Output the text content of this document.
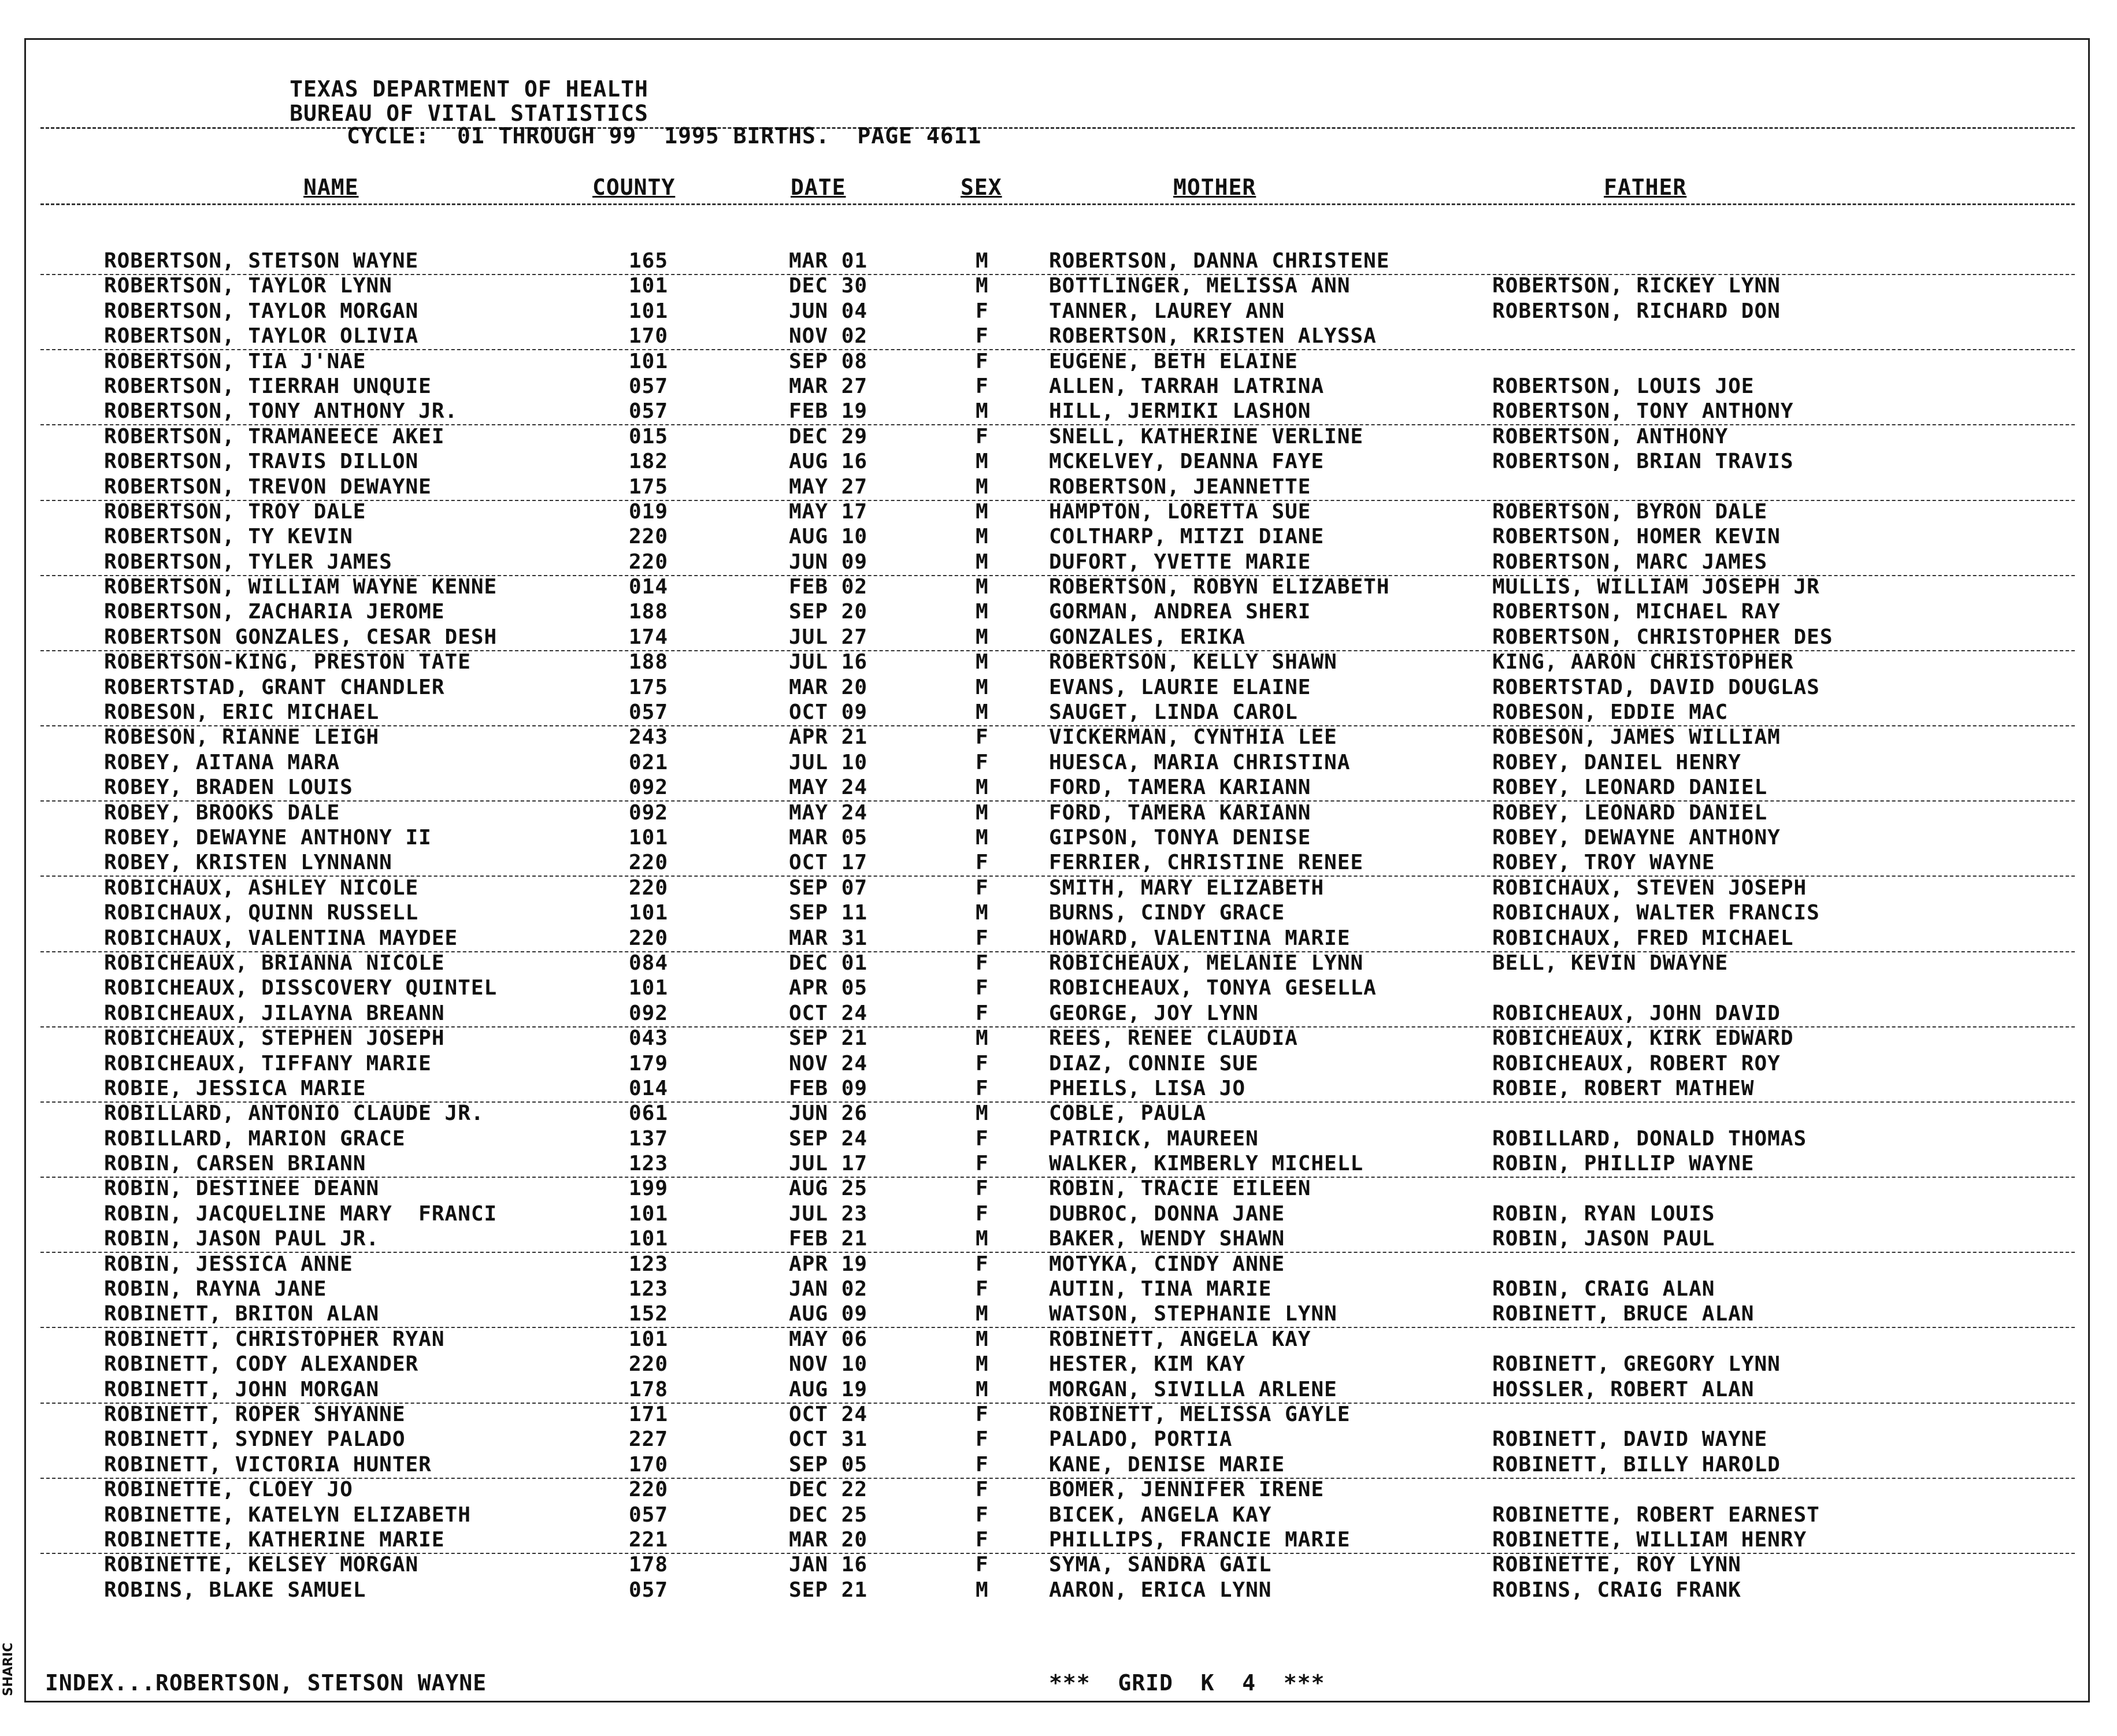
TEXAS DEPARTMENT OF HEALTH
BUREAU OF VITAL STATISTICS
CYCLE:  01 THROUGH 99  1995 BIRTHS.  PAGE 4611
NAME	COUNTY	DATE	SEX	MOTHER	FATHER
ROBERTSON, STETSON WAYNE	165	MAR 01	M	ROBERTSON, DANNA CHRISTENE
ROBERTSON, TAYLOR LYNN	101	DEC 30	M	BOTTLINGER, MELISSA ANN	ROBERTSON, RICKEY LYNN
ROBERTSON, TAYLOR MORGAN	101	JUN 04	F	TANNER, LAUREY ANN	ROBERTSON, RICHARD DON
ROBERTSON, TAYLOR OLIVIA	170	NOV 02	F	ROBERTSON, KRISTEN ALYSSA
ROBERTSON, TIA J'NAE	101	SEP 08	F	EUGENE, BETH ELAINE
ROBERTSON, TIERRAH UNQUIE	057	MAR 27	F	ALLEN, TARRAH LATRINA	ROBERTSON, LOUIS JOE
ROBERTSON, TONY ANTHONY JR.	057	FEB 19	M	HILL, JERMIKI LASHON	ROBERTSON, TONY ANTHONY
ROBERTSON, TRAMANEECE AKEI	015	DEC 29	F	SNELL, KATHERINE VERLINE	ROBERTSON, ANTHONY
ROBERTSON, TRAVIS DILLON	182	AUG 16	M	MCKELVEY, DEANNA FAYE	ROBERTSON, BRIAN TRAVIS
ROBERTSON, TREVON DEWAYNE	175	MAY 27	M	ROBERTSON, JEANNETTE
ROBERTSON, TROY DALE	019	MAY 17	M	HAMPTON, LORETTA SUE	ROBERTSON, BYRON DALE
ROBERTSON, TY KEVIN	220	AUG 10	M	COLTHARP, MITZI DIANE	ROBERTSON, HOMER KEVIN
ROBERTSON, TYLER JAMES	220	JUN 09	M	DUFORT, YVETTE MARIE	ROBERTSON, MARC JAMES
ROBERTSON, WILLIAM WAYNE KENNE	014	FEB 02	M	ROBERTSON, ROBYN ELIZABETH	MULLIS, WILLIAM JOSEPH JR
ROBERTSON, ZACHARIA JEROME	188	SEP 20	M	GORMAN, ANDREA SHERI	ROBERTSON, MICHAEL RAY
ROBERTSON GONZALES, CESAR DESH	174	JUL 27	M	GONZALES, ERIKA	ROBERTSON, CHRISTOPHER DES
ROBERTSON-KING, PRESTON TATE	188	JUL 16	M	ROBERTSON, KELLY SHAWN	KING, AARON CHRISTOPHER
ROBERTSTAD, GRANT CHANDLER	175	MAR 20	M	EVANS, LAURIE ELAINE	ROBERTSTAD, DAVID DOUGLAS
ROBESON, ERIC MICHAEL	057	OCT 09	M	SAUGET, LINDA CAROL	ROBESON, EDDIE MAC
ROBESON, RIANNE LEIGH	243	APR 21	F	VICKERMAN, CYNTHIA LEE	ROBESON, JAMES WILLIAM
ROBEY, AITANA MARA	021	JUL 10	F	HUESCA, MARIA CHRISTINA	ROBEY, DANIEL HENRY
ROBEY, BRADEN LOUIS	092	MAY 24	M	FORD, TAMERA KARIANN	ROBEY, LEONARD DANIEL
ROBEY, BROOKS DALE	092	MAY 24	M	FORD, TAMERA KARIANN	ROBEY, LEONARD DANIEL
ROBEY, DEWAYNE ANTHONY II	101	MAR 05	M	GIPSON, TONYA DENISE	ROBEY, DEWAYNE ANTHONY
ROBEY, KRISTEN LYNNANN	220	OCT 17	F	FERRIER, CHRISTINE RENEE	ROBEY, TROY WAYNE
ROBICHAUX, ASHLEY NICOLE	220	SEP 07	F	SMITH, MARY ELIZABETH	ROBICHAUX, STEVEN JOSEPH
ROBICHAUX, QUINN RUSSELL	101	SEP 11	M	BURNS, CINDY GRACE	ROBICHAUX, WALTER FRANCIS
ROBICHAUX, VALENTINA MAYDEE	220	MAR 31	F	HOWARD, VALENTINA MARIE	ROBICHAUX, FRED MICHAEL
ROBICHEAUX, BRIANNA NICOLE	084	DEC 01	F	ROBICHEAUX, MELANIE LYNN	BELL, KEVIN DWAYNE
ROBICHEAUX, DISSCOVERY QUINTEL	101	APR 05	F	ROBICHEAUX, TONYA GESELLA
ROBICHEAUX, JILAYNA BREANN	092	OCT 24	F	GEORGE, JOY LYNN	ROBICHEAUX, JOHN DAVID
ROBICHEAUX, STEPHEN JOSEPH	043	SEP 21	M	REES, RENEE CLAUDIA	ROBICHEAUX, KIRK EDWARD
ROBICHEAUX, TIFFANY MARIE	179	NOV 24	F	DIAZ, CONNIE SUE	ROBICHEAUX, ROBERT ROY
ROBIE, JESSICA MARIE	014	FEB 09	F	PHEILS, LISA JO	ROBIE, ROBERT MATHEW
ROBILLARD, ANTONIO CLAUDE JR.	061	JUN 26	M	COBLE, PAULA
ROBILLARD, MARION GRACE	137	SEP 24	F	PATRICK, MAUREEN	ROBILLARD, DONALD THOMAS
ROBIN, CARSEN BRIANN	123	JUL 17	F	WALKER, KIMBERLY MICHELL	ROBIN, PHILLIP WAYNE
ROBIN, DESTINEE DEANN	199	AUG 25	F	ROBIN, TRACIE EILEEN
ROBIN, JACQUELINE MARY  FRANCI	101	JUL 23	F	DUBROC, DONNA JANE	ROBIN, RYAN LOUIS
ROBIN, JASON PAUL JR.	101	FEB 21	M	BAKER, WENDY SHAWN	ROBIN, JASON PAUL
ROBIN, JESSICA ANNE	123	APR 19	F	MOTYKA, CINDY ANNE
ROBIN, RAYNA JANE	123	JAN 02	F	AUTIN, TINA MARIE	ROBIN, CRAIG ALAN
ROBINETT, BRITON ALAN	152	AUG 09	M	WATSON, STEPHANIE LYNN	ROBINETT, BRUCE ALAN
ROBINETT, CHRISTOPHER RYAN	101	MAY 06	M	ROBINETT, ANGELA KAY
ROBINETT, CODY ALEXANDER	220	NOV 10	M	HESTER, KIM KAY	ROBINETT, GREGORY LYNN
ROBINETT, JOHN MORGAN	178	AUG 19	M	MORGAN, SIVILLA ARLENE	HOSSLER, ROBERT ALAN
ROBINETT, ROPER SHYANNE	171	OCT 24	F	ROBINETT, MELISSA GAYLE
ROBINETT, SYDNEY PALADO	227	OCT 31	F	PALADO, PORTIA	ROBINETT, DAVID WAYNE
ROBINETT, VICTORIA HUNTER	170	SEP 05	F	KANE, DENISE MARIE	ROBINETT, BILLY HAROLD
ROBINETTE, CLOEY JO	220	DEC 22	F	BOMER, JENNIFER IRENE
ROBINETTE, KATELYN ELIZABETH	057	DEC 25	F	BICEK, ANGELA KAY	ROBINETTE, ROBERT EARNEST
ROBINETTE, KATHERINE MARIE	221	MAR 20	F	PHILLIPS, FRANCIE MARIE	ROBINETTE, WILLIAM HENRY
ROBINETTE, KELSEY MORGAN	178	JAN 16	F	SYMA, SANDRA GAIL	ROBINETTE, ROY LYNN
ROBINS, BLAKE SAMUEL	057	SEP 21	M	AARON, ERICA LYNN	ROBINS, CRAIG FRANK
INDEX...ROBERTSON, STETSON WAYNE	***  GRID  K  4  ***
SHARIC
